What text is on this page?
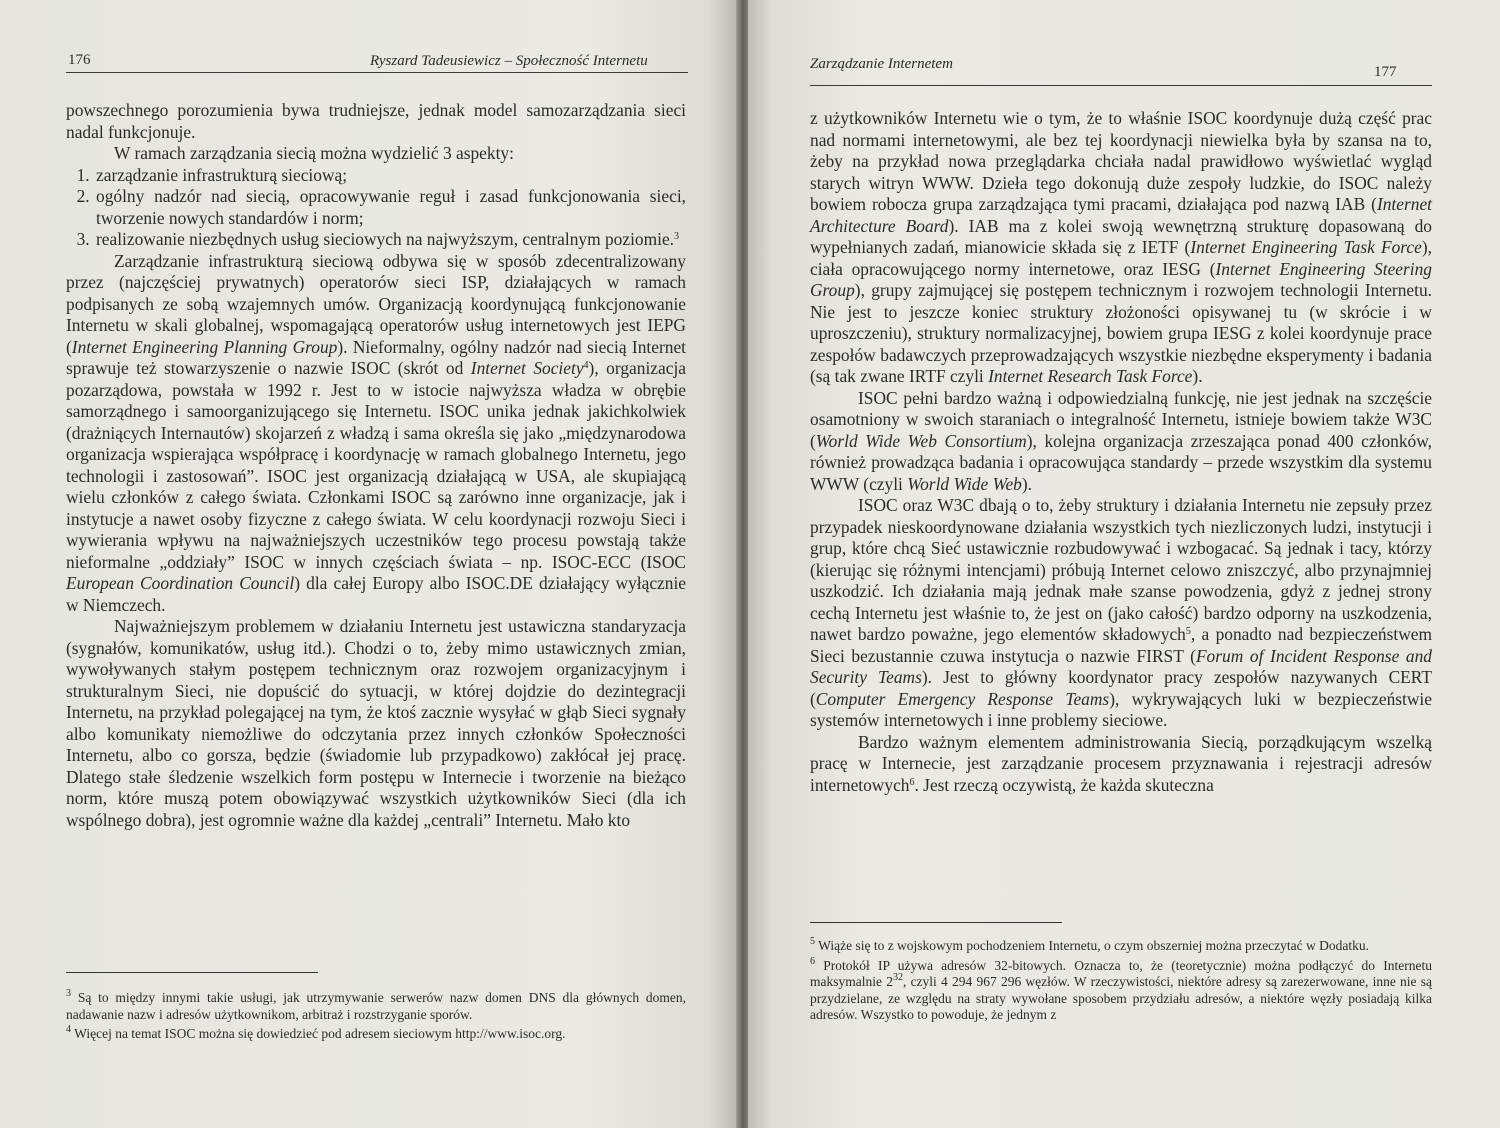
176	Ryszard Tadeusiewicz – Społeczność Internetu

powszechnego porozumienia bywa trudniejsze, jednak model samozarządzania sieci nadal funkcjonuje.

W ramach zarządzania siecią można wydzielić 3 aspekty:

1. zarządzanie infrastrukturą sieciową;
2. ogólny nadzór nad siecią, opracowywanie reguł i zasad funkcjonowania sieci, tworzenie nowych standardów i norm;
3. realizowanie niezbędnych usług sieciowych na najwyższym, centralnym poziomie.$^3$

Zarządzanie infrastrukturą sieciową odbywa się w sposób zdecentralizowany przez (najczęściej prywatnych) operatorów sieci ISP, działających w ramach podpisanych ze sobą wzajemnych umów. Organizacją koordynującą funkcjonowanie Internetu w skali globalnej, wspomagającą operatorów usług internetowych jest IEPG (Internet Engineering Planning Group). Nieformalny, ogólny nadzór nad siecią Internet sprawuje też stowarzyszenie o nazwie ISOC (skrót od Internet Society$^4$), organizacja pozarządowa, powstała w 1992 r. Jest to w istocie najwyższa władza w obrębie samorządnego i samoorganizującego się Internetu. ISOC unika jednak jakichkolwiek (drażniących Internautów) skojarzeń z władzą i sama określa się jako „międzynarodowa organizacja wspierająca współpracę i koordynację w ramach globalnego Internetu, jego technologii i zastosowań”. ISOC jest organizacją działającą w USA, ale skupiającą wielu członków z całego świata. Członkami ISOC są zarówno inne organizacje, jak i instytucje a nawet osoby fizyczne z całego świata. W celu koordynacji rozwoju Sieci i wywierania wpływu na najważniejszych uczestników tego procesu powstają także nieformalne „oddziały” ISOC w innych częściach świata – np. ISOC-ECC (ISOC European Coordination Council) dla całej Europy albo ISOC.DE działający wyłącznie w Niemczech.

Najważniejszym problemem w działaniu Internetu jest ustawiczna standaryzacja (sygnałów, komunikatów, usług itd.). Chodzi o to, żeby mimo ustawicznych zmian, wywoływanych stałym postępem technicznym oraz rozwojem organizacyjnym i strukturalnym Sieci, nie dopuścić do sytuacji, w której dojdzie do dezintegracji Internetu, na przykład polegającej na tym, że ktoś zacznie wysyłać w głąb Sieci sygnały albo komunikaty niemożliwe do odczytania przez innych członków Społeczności Internetu, albo co gorsza, będzie (świadomie lub przypadkowo) zakłócał jej pracę. Dlatego stałe śledzenie wszelkich form postępu w Internecie i tworzenie na bieżąco norm, które muszą potem obowiązywać wszystkich użytkowników Sieci (dla ich wspólnego dobra), jest ogromnie ważne dla każdej „centrali” Internetu. Mało kto

$^3$ Są to między innymi takie usługi, jak utrzymywanie serwerów nazw domen DNS dla głównych domen, nadawanie nazw i adresów użytkownikom, arbitraż i rozstrzyganie sporów.

$^4$ Więcej na temat ISOC można się dowiedzieć pod adresem sieciowym http://www.isoc.org.

Zarządzanie Internetem	177

z użytkowników Internetu wie o tym, że to właśnie ISOC koordynuje dużą część prac nad normami internetowymi, ale bez tej koordynacji niewielka była by szansa na to, żeby na przykład nowa przeglądarka chciała nadal prawidłowo wyświetlać wygląd starych witryn WWW. Dzieła tego dokonują duże zespoły ludzkie, do ISOC należy bowiem robocza grupa zarządzająca tymi pracami, działająca pod nazwą IAB (Internet Architecture Board). IAB ma z kolei swoją wewnętrzną strukturę dopasowaną do wypełnianych zadań, mianowicie składa się z IETF (Internet Engineering Task Force), ciała opracowującego normy internetowe, oraz IESG (Internet Engineering Steering Group), grupy zajmującej się postępem technicznym i rozwojem technologii Internetu. Nie jest to jeszcze koniec struktury złożoności opisywanej tu (w skrócie i w uproszczeniu), struktury normalizacyjnej, bowiem grupa IESG z kolei koordynuje prace zespołów badawczych przeprowadzających wszystkie niezbędne eksperymenty i badania (są tak zwane IRTF czyli Internet Research Task Force).

ISOC pełni bardzo ważną i odpowiedzialną funkcję, nie jest jednak na szczęście osamotniony w swoich staraniach o integralność Internetu, istnieje bowiem także W3C (World Wide Web Consortium), kolejna organizacja zrzeszająca ponad 400 członków, również prowadząca badania i opracowująca standardy – przede wszystkim dla systemu WWW (czyli World Wide Web).

ISOC oraz W3C dbają o to, żeby struktury i działania Internetu nie zepsuły przez przypadek nieskoordynowane działania wszystkich tych niezliczonych ludzi, instytucji i grup, które chcą Sieć ustawicznie rozbudowywać i wzbogacać. Są jednak i tacy, którzy (kierując się różnymi intencjami) próbują Internet celowo zniszczyć, albo przynajmniej uszkodzić. Ich działania mają jednak małe szanse powodzenia, gdyż z jednej strony cechą Internetu jest właśnie to, że jest on (jako całość) bardzo odporny na uszkodzenia, nawet bardzo poważne, jego elementów składowych$^5$, a ponadto nad bezpieczeństwem Sieci bezustannie czuwa instytucja o nazwie FIRST (Forum of Incident Response and Security Teams). Jest to główny koordynator pracy zespołów nazywanych CERT (Computer Emergency Response Teams), wykrywających luki w bezpieczeństwie systemów internetowych i inne problemy sieciowe.

Bardzo ważnym elementem administrowania Siecią, porządkującym wszelką pracę w Internecie, jest zarządzanie procesem przyznawania i rejestracji adresów internetowych$^6$. Jest rzeczą oczywistą, że każda skuteczna

$^5$ Wiąże się to z wojskowym pochodzeniem Internetu, o czym obszerniej można przeczytać w Dodatku.

$^6$ Protokół IP używa adresów 32-bitowych. Oznacza to, że (teoretycznie) można podłączyć do Internetu maksymalnie $2^{32}$, czyli 4 294 967 296 węzłów. W rzeczywistości, niektóre adresy są zarezerwowane, inne nie są przydzielane, ze względu na straty wywołane sposobem przydziału adresów, a niektóre węzły posiadają kilka adresów. Wszystko to powoduje, że jednym z
